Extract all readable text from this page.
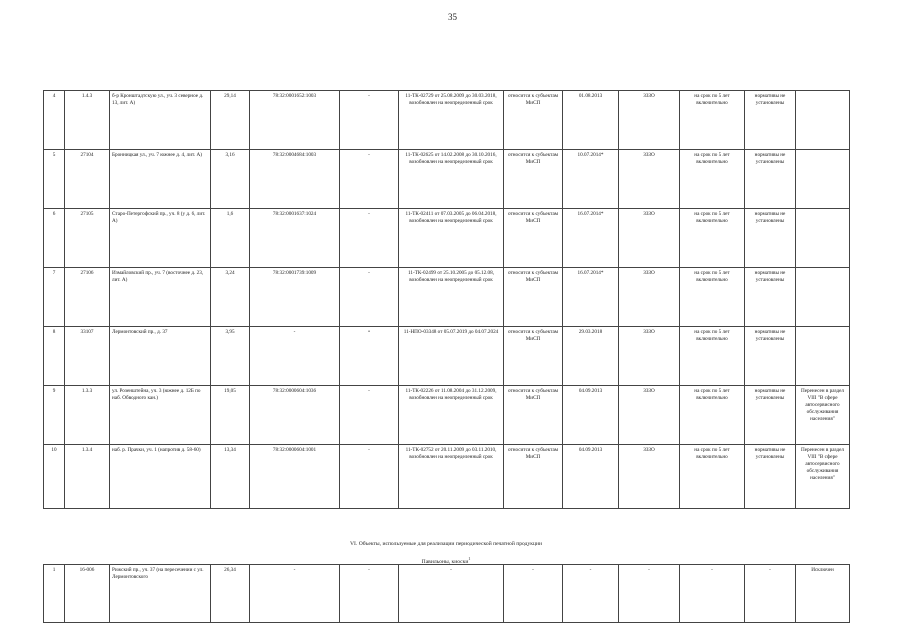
35
4	1.4.3	б-р Кронштадтскую ул., уч. 3 северное д. 13, лит. А)	29,14	78:32:0001652:1003	-	11-ТК-02729 от 25.08.2009 до 30.03.2018, возобновлен на неопределенный срок	относится к субъектам МиСП	01.08.2013	ЗЗЗО	на срок по 5 лет включительно	нормативы не установлены	
5	27104	Бронницкая ул., уч. 7 южнее д. 4, лит. А)	3,16	78:32:0004684:1003	-	11-ТК-02625 от 14.02.2008 до 30.10.2016, возобновлен на неопределенный срок	относится к субъектам МиСП	10.07.2014*	ЗЗЗО	на срок по 5 лет включительно	нормативы не установлены	
6	27105	Старо-Петергофский пр., уч. 8 (у д. 6, лит. А)	1,6	78:32:0001637:1024	-	11-ТК-02411 от 07.03.2005 до 06.04.2018, возобновлен на неопределенный срок	относится к субъектам МиСП	16.07.2014*	ЗЗЗО	на срок по 5 лет включительно	нормативы не установлены	
7	27106	Измайловский пр., уч. 7 (восточнее д. 23, лит. А)	3,24	78:32:0001739:1009	-	11-ТК-02499 от 25.10.2005 до 05.12.08, возобновлен на неопределенный срок	относится к субъектам МиСП	16.07.2014*	ЗЗЗО	на срок по 5 лет включительно	нормативы не установлены	
8	33107	Лермонтовский пр., д. 37	3,95	-	•	11-НПО-03348 от 05.07.2019 до 04.07.2024	относится к субъектам МиСП	29.03.2018	ЗЗЗО	на срок по 5 лет включительно	нормативы не установлены	
9	1.3.3	ул. Розенштейна, уч. 3 (южнее д. 12Б по наб. Обводного кан.)	19,05	78:32:0000604:1036	-	11-ТК-02226 от 11.08.2004 до 31.12.2009, возобновлен на неопределенный срок	относится к субъектам МиСП	04.09.2013	ЗЗЗО	на срок по 5 лет включительно	нормативы не установлены	Перенесен в раздел VIII "В сфере автосервисного обслуживания населения"
10	1.3.4	наб. р. Прачки, уч. 1 (напротив д. 58-60)	13,34	78:32:0000604:1001	-	11-ТК-02752 от 20.11.2009 до 03.11.2010, возобновлен на неопределенный срок	относится к субъектам МиСП	04.09.2013	ЗЗЗО	на срок по 5 лет включительно	нормативы не установлены	Перенесен в раздел VIII "В сфере автосервисного обслуживания населения"
VI. Объекты, используемые для реализации периодической печатной продукции
Павильоны, киоски$^1$
1	16-006	Рижский пр., уч. 37 (на пересечении с ул. Лермонтовского	26,34	-	-	-	-	-	-	-	-	Исключен
